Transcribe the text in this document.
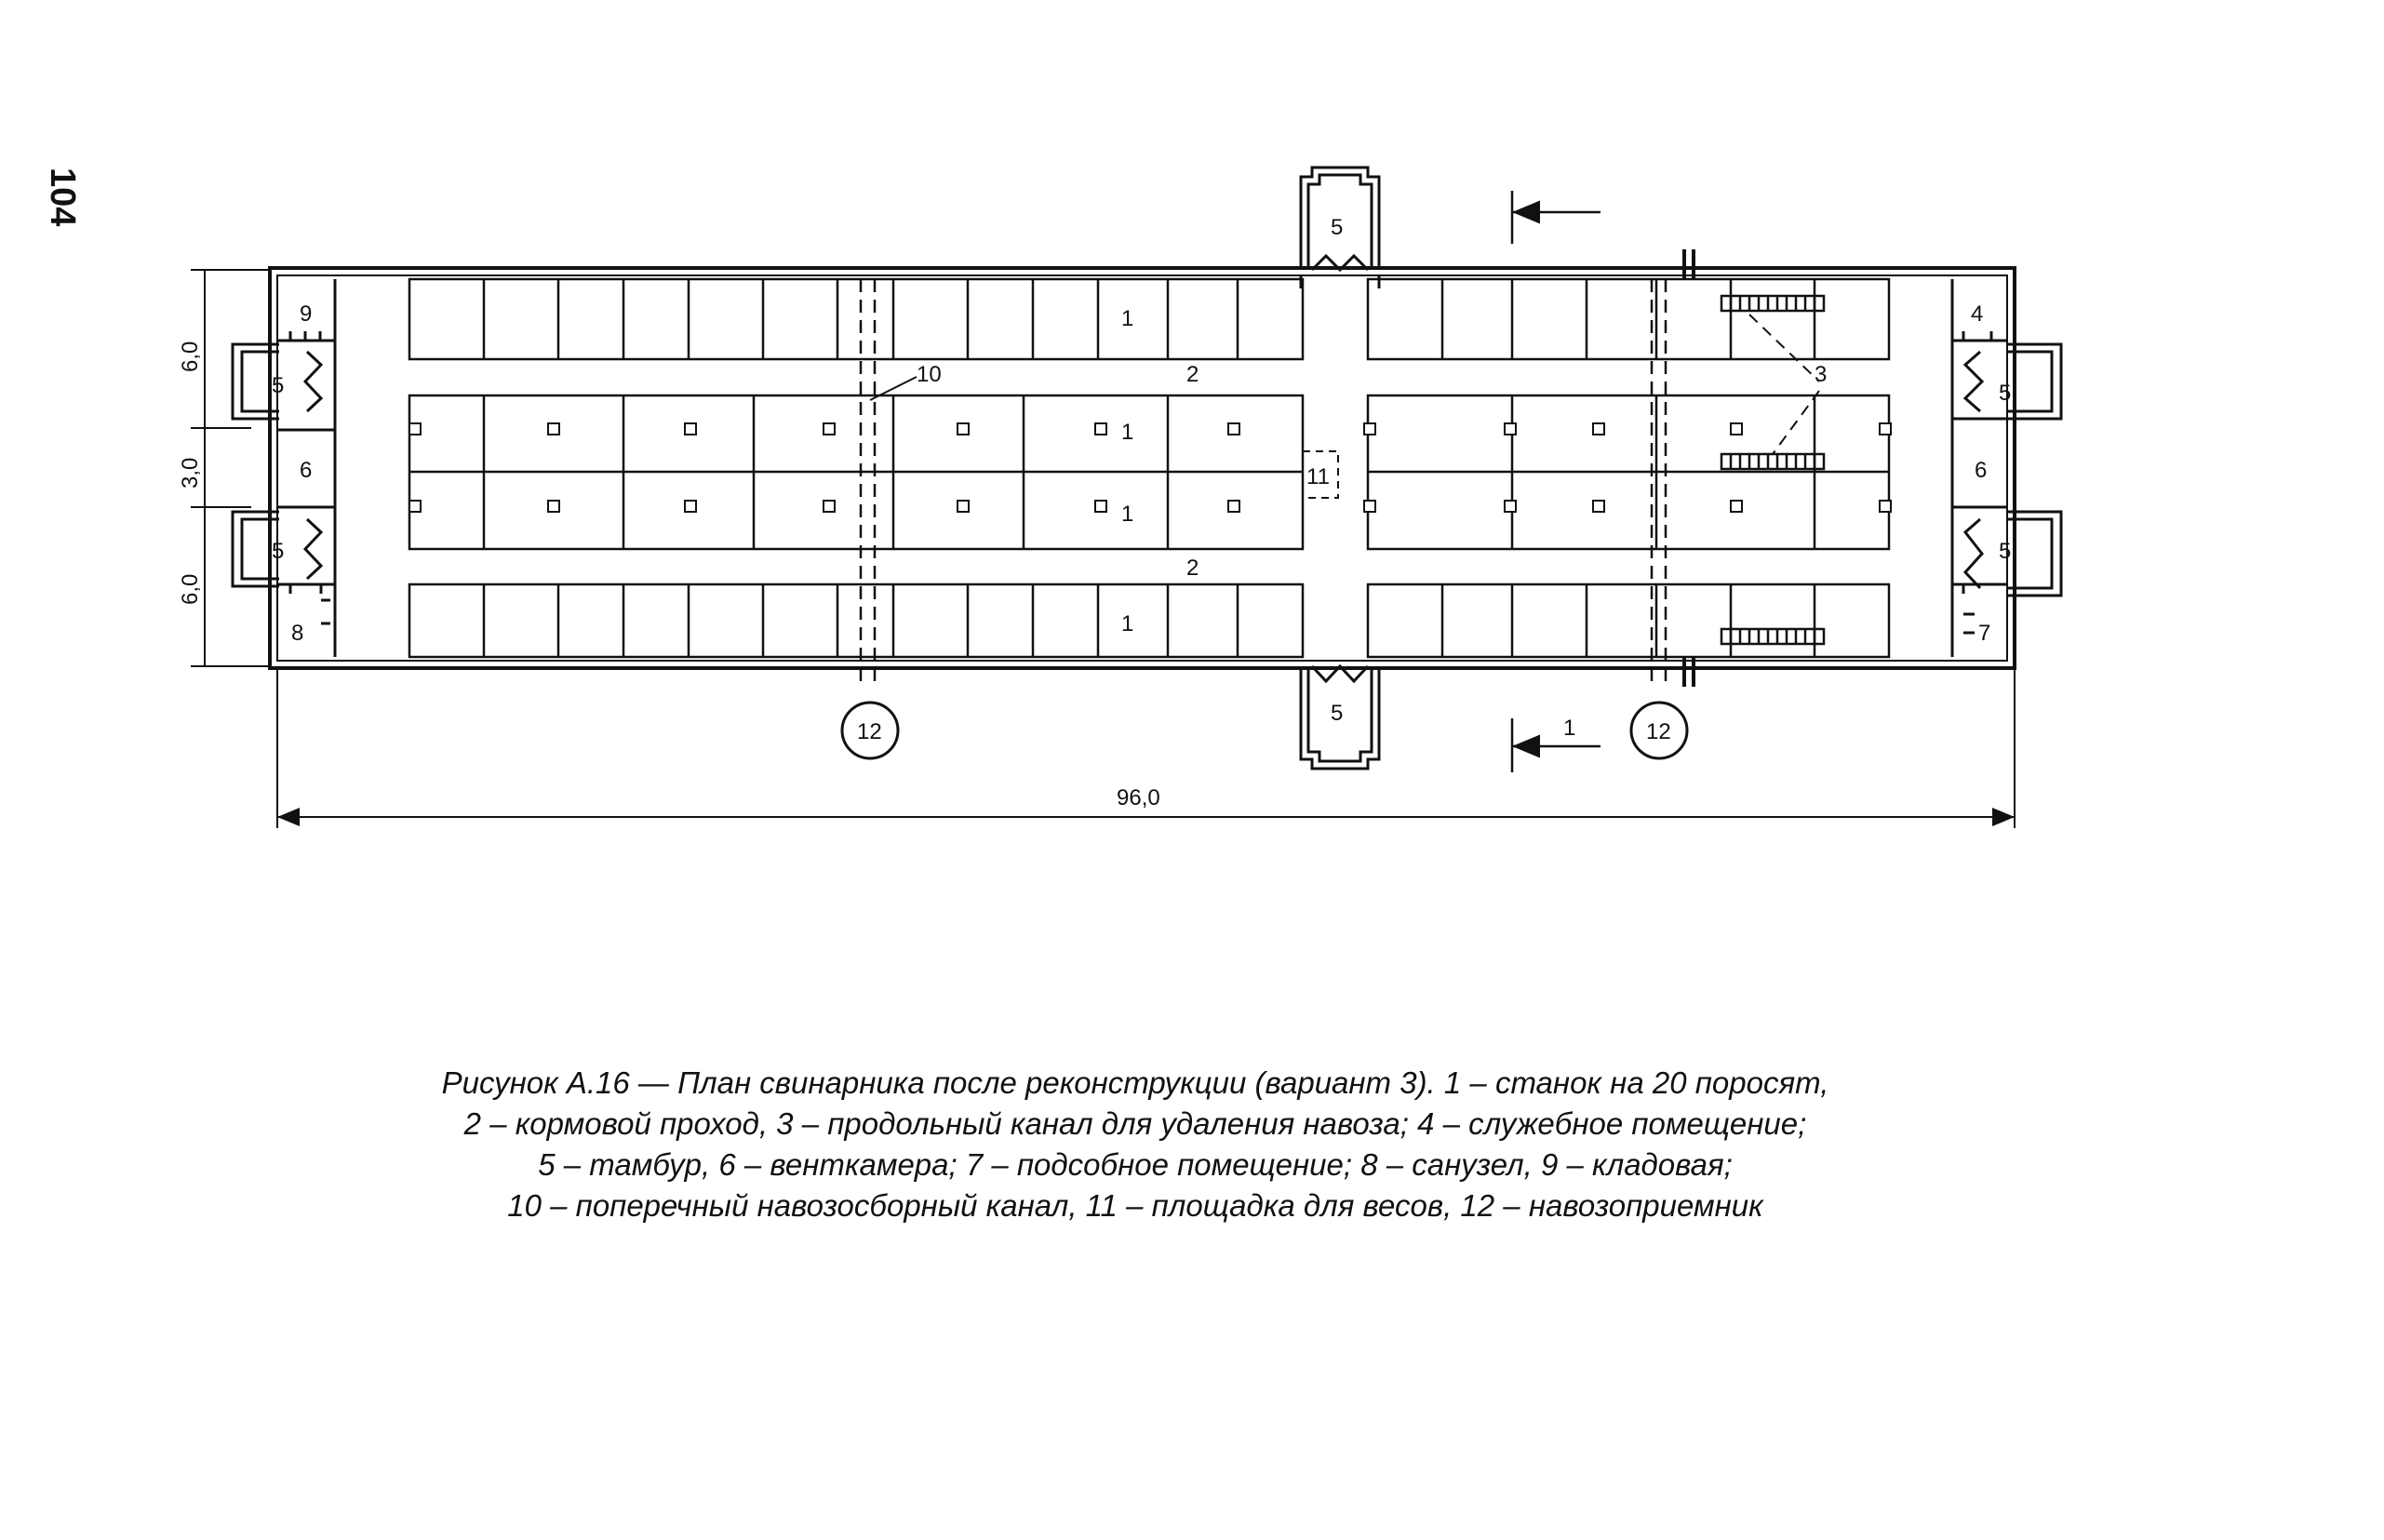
104
9
5
6
5
8
5
5
4
5
6
5
7
1
1
1
1
2
2
3
10
11
12	12
1
96,0
6,0
3,0
6,0
Рисунок А.16 — План свинарника после реконструкции (вариант 3). 1 – станок на 20 поросят,
2 – кормовой проход, 3 – продольный канал для удаления навоза; 4 – служебное помещение;
5 – тамбур, 6 – венткамера; 7 – подсобное помещение; 8 – санузел, 9 – кладовая;
10 – поперечный навозосборный канал, 11 – площадка для весов, 12 – навозоприемник
